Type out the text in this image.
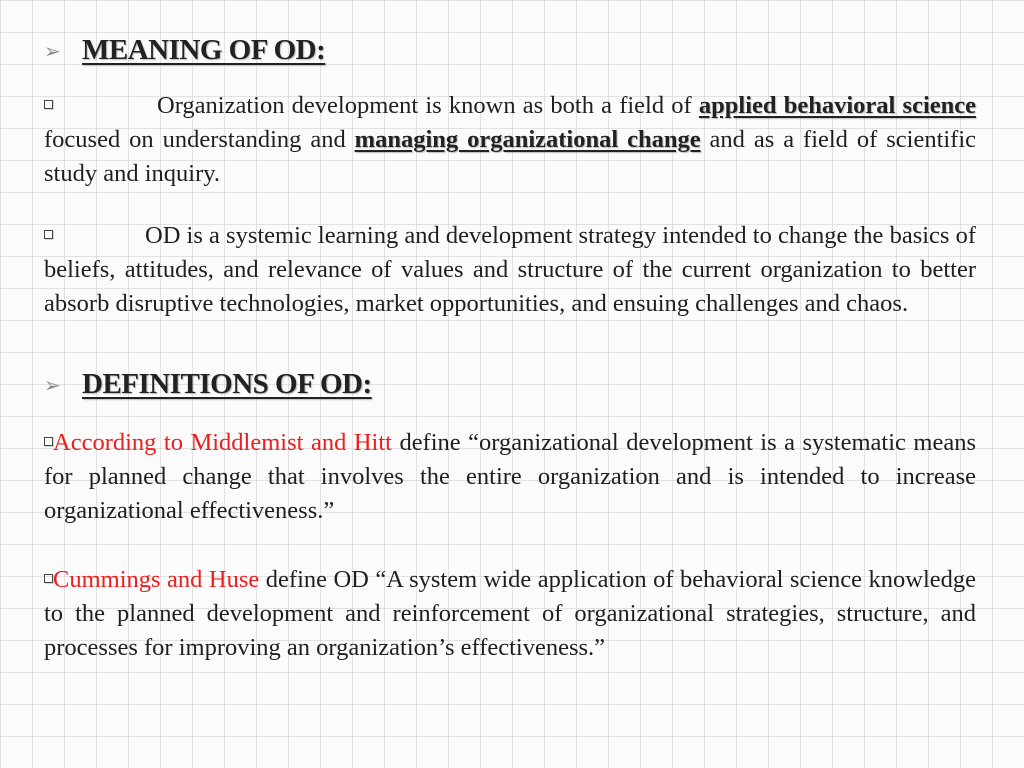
➢ MEANING OF OD:
Organization development is known as both a field of applied behavioral science focused on understanding and managing organizational change and as a field of scientific study and inquiry.
OD is a systemic learning and development strategy intended to change the basics of beliefs, attitudes, and relevance of values and structure of the current organization to better absorb disruptive technologies, market opportunities, and ensuing challenges and chaos.
➢ DEFINITIONS OF OD:
According to Middlemist and Hitt define “organizational development is a systematic means for planned change that involves the entire organization and is intended to increase organizational effectiveness.”
Cummings and Huse define OD “A system wide application of behavioral science knowledge to the planned development and reinforcement of organizational strategies, structure, and processes for improving an organization’s effectiveness.”
